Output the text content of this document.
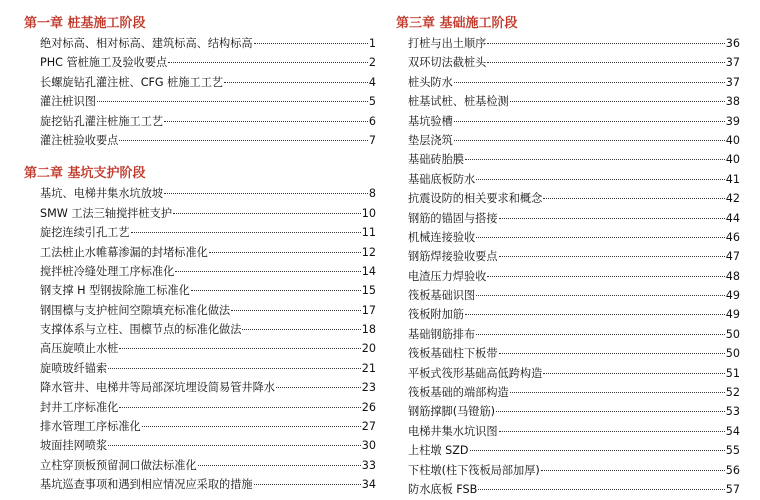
第一章 桩基施工阶段
绝对标高、相对标高、建筑标高、结构标高	1
PHC 管桩施工及验收要点	2
长螺旋钻孔灌注桩、CFG 桩施工工艺	4
灌注桩识图	5
旋挖钻孔灌注桩施工工艺	6
灌注桩验收要点	7
第二章 基坑支护阶段
基坑、电梯井集水坑放坡	8
SMW 工法三轴搅拌桩支护	10
旋挖连续引孔工艺	11
工法桩止水帷幕渗漏的封堵标准化	12
搅拌桩冷缝处理工序标准化	14
钢支撑 H 型钢拔除施工标准化	15
钢围檩与支护桩间空隙填充标准化做法	17
支撑体系与立柱、围檩节点的标准化做法	18
高压旋喷止水桩	20
旋喷玻纤锚索	21
降水管井、电梯井等局部深坑埋设简易管井降水	23
封井工序标准化	26
排水管理工序标准化	27
坡面挂网喷浆	30
立柱穿顶板预留洞口做法标准化	33
基坑巡查事项和遇到相应情况应采取的措施	34
第三章 基础施工阶段
打桩与出土顺序	36
双环切法截桩头	37
桩头防水	37
桩基试桩、桩基检测	38
基坑验槽	39
垫层浇筑	40
基础砖胎膜	40
基础底板防水	41
抗震设防的相关要求和概念	42
钢筋的锚固与搭接	44
机械连接验收	46
钢筋焊接验收要点	47
电渣压力焊验收	48
筏板基础识图	49
筏板附加筋	49
基础钢筋排布	50
筏板基础柱下板带	50
平板式筏形基础高低跨构造	51
筏板基础的端部构造	52
钢筋撑脚(马镫筋)	53
电梯井集水坑识图	54
上柱墩 SZD	55
下柱墩(柱下筏板局部加厚)	56
防水底板 FSB	57
